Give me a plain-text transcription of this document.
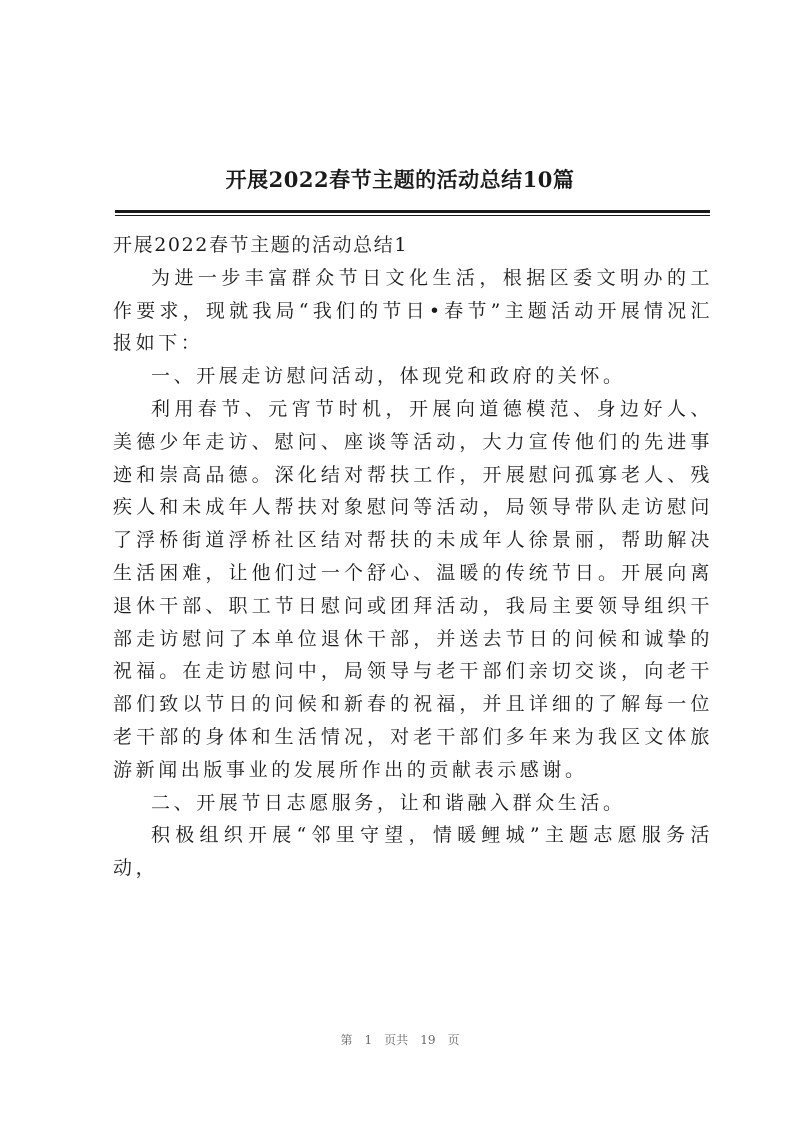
开展2022春节主题的活动总结10篇

开展2022春节主题的活动总结1

为进一步丰富群众节日文化生活，根据区委文明办的工作要求，现就我局“我们的节日•春节”主题活动开展情况汇报如下：

一、开展走访慰问活动，体现党和政府的关怀。

利用春节、元宵节时机，开展向道德模范、身边好人、美德少年走访、慰问、座谈等活动，大力宣传他们的先进事迹和崇高品德。深化结对帮扶工作，开展慰问孤寡老人、残疾人和未成年人帮扶对象慰问等活动，局领导带队走访慰问了浮桥街道浮桥社区结对帮扶的未成年人徐景丽，帮助解决生活困难，让他们过一个舒心、温暖的传统节日。开展向离退休干部、职工节日慰问或团拜活动，我局主要领导组织干部走访慰问了本单位退休干部，并送去节日的问候和诚挚的祝福。在走访慰问中，局领导与老干部们亲切交谈，向老干部们致以节日的问候和新春的祝福，并且详细的了解每一位老干部的身体和生活情况，对老干部们多年来为我区文体旅游新闻出版事业的发展所作出的贡献表示感谢。

二、开展节日志愿服务，让和谐融入群众生活。

积极组织开展“邻里守望，情暖鲤城”主题志愿服务活动，

第 1 页共 19 页
